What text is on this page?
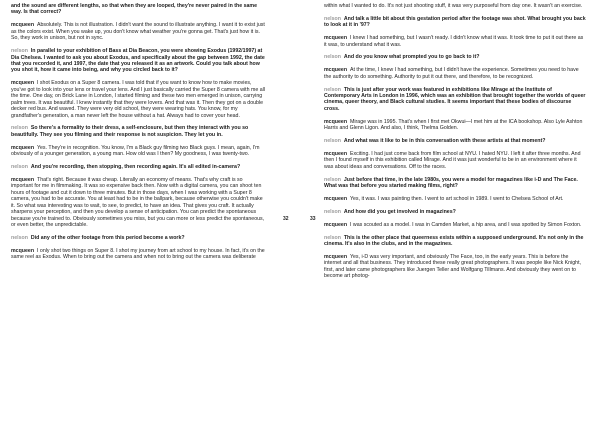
and the sound are different lengths, so that when they are looped, they're never paired in the same way. Is that correct?

mcqueen Absolutely. This is not illustration. I didn't want the sound to illustrate anything. I want it to exist just as the colors exist. When you wake up, you don't know what weather you're gonna get. That's just how it is. So, they work in unison, but not in sync.

nelson In parallel to your exhibition of Bass at Dia Beacon, you were showing Exodus (1992/1997) at Dia Chelsea. I wanted to ask you about Exodus, and specifically about the gap between 1992, the date that you recorded it, and 1997, the date that you released it as an artwork. Could you talk about how you shot it, how it came into being, and why you circled back to it?

mcqueen I shot Exodus on a Super 8 camera. I was told that if you want to know how to make movies, you've got to look into your lens or travel your lens. And I just basically carried the Super 8 camera with me all the time. One day, on Brick Lane in London, I started filming and these two men emerged in unison, carrying palm trees. It was beautiful. I knew instantly that they were lovers. And that was it. Then they got on a double decker red bus. And waved. They were very old school, they were wearing hats. You know, for my grandfather's generation, a man never left the house without a hat. Always had to cover your head.

nelson So there's a formality to their dress, a self-enclosure, but then they interact with you so beautifully. They see you filming and their response is not suspicion. They let you in.

mcqueen Yes. They're in recognition. You know, I'm a Black guy filming two Black guys. I mean, again, I'm obviously of a younger generation, a young man. How old was I then? My goodness, I was twenty-two.

nelson And you're recording, then stopping, then recording again. It's all edited in-camera?

mcqueen That's right. Because it was cheap. Literally an economy of means. That's why craft is so important for me in filmmaking. It was so expensive back then. Now with a digital camera, you can shoot ten hours of footage and cut it down to three minutes. But in those days, when I was working with a Super 8 camera, you had to be accurate. You at least had to be in the ballpark, because otherwise you couldn't make it. So what was interesting was to wait, to see, to predict, to have an idea. That gives you craft. It actually sharpens your perception, and then you develop a sense of anticipation. You can predict the spontaneous because you're trained to. Obviously sometimes you miss, but you can more or less predict the spontaneous, or even better, the unpredictable.

nelson Did any of the other footage from this period become a work?

mcqueen I only shot two things on Super 8. I shot my journey from art school to my house. In fact, it's on the same reel as Exodus. When to bring out the camera and when not to bring out the camera was deliberate

32	33

within what I wanted to do. It's not just shooting stuff, it was very purposeful from day one. It wasn't an exercise.

nelson And talk a little bit about this gestation period after the footage was shot. What brought you back to look at it in '97?

mcqueen I knew I had something, but I wasn't ready. I didn't know what it was. It took time to put it out there as it was, to understand what it was.

nelson And do you know what prompted you to go back to it?

mcqueen At the time, I knew I had something, but I didn't have the experience. Sometimes you need to have the authority to do something. Authority to put it out there, and therefore, to be recognized.

nelson This is just after your work was featured in exhibitions like Mirage at the Institute of Contemporary Arts in London in 1996, which was an exhibition that brought together the worlds of queer cinema, queer theory, and Black cultural studies. It seems important that these bodies of discourse cross.

mcqueen Mirage was in 1995. That's when I first met Okwui—I met him at the ICA bookshop. Also Lyle Ashton Harris and Glenn Ligon. And also, I think, Thelma Golden.

nelson And what was it like to be in this conversation with these artists at that moment?

mcqueen Exciting. I had just come back from film school at NYU. I hated NYU. I left it after three months. And then I found myself in this exhibition called Mirage. And it was just wonderful to be in an environment where it was about ideas and conversations. Off to the races.

nelson Just before that time, in the late 1980s, you were a model for magazines like i-D and The Face. What was that before you started making films, right?

mcqueen Yes, it was. I was painting then. I went to art school in 1989. I went to Chelsea School of Art.

nelson And how did you get involved in magazines?

mcqueen I was scouted as a model. I was in Camden Market, a hip area, and I was spotted by Simon Foxton.

nelson This is the other place that queerness exists within a supposed underground. It's not only in the cinema. It's also in the clubs, and in the magazines.

mcqueen Yes, i-D was very important, and obviously The Face, too, in the early years. This is before the internet and all that business. They introduced these really great photographers. It was people like Nick Knight, first, and later came photographers like Juergen Teller and Wolfgang Tillmans. And obviously they went on to become art photog-
